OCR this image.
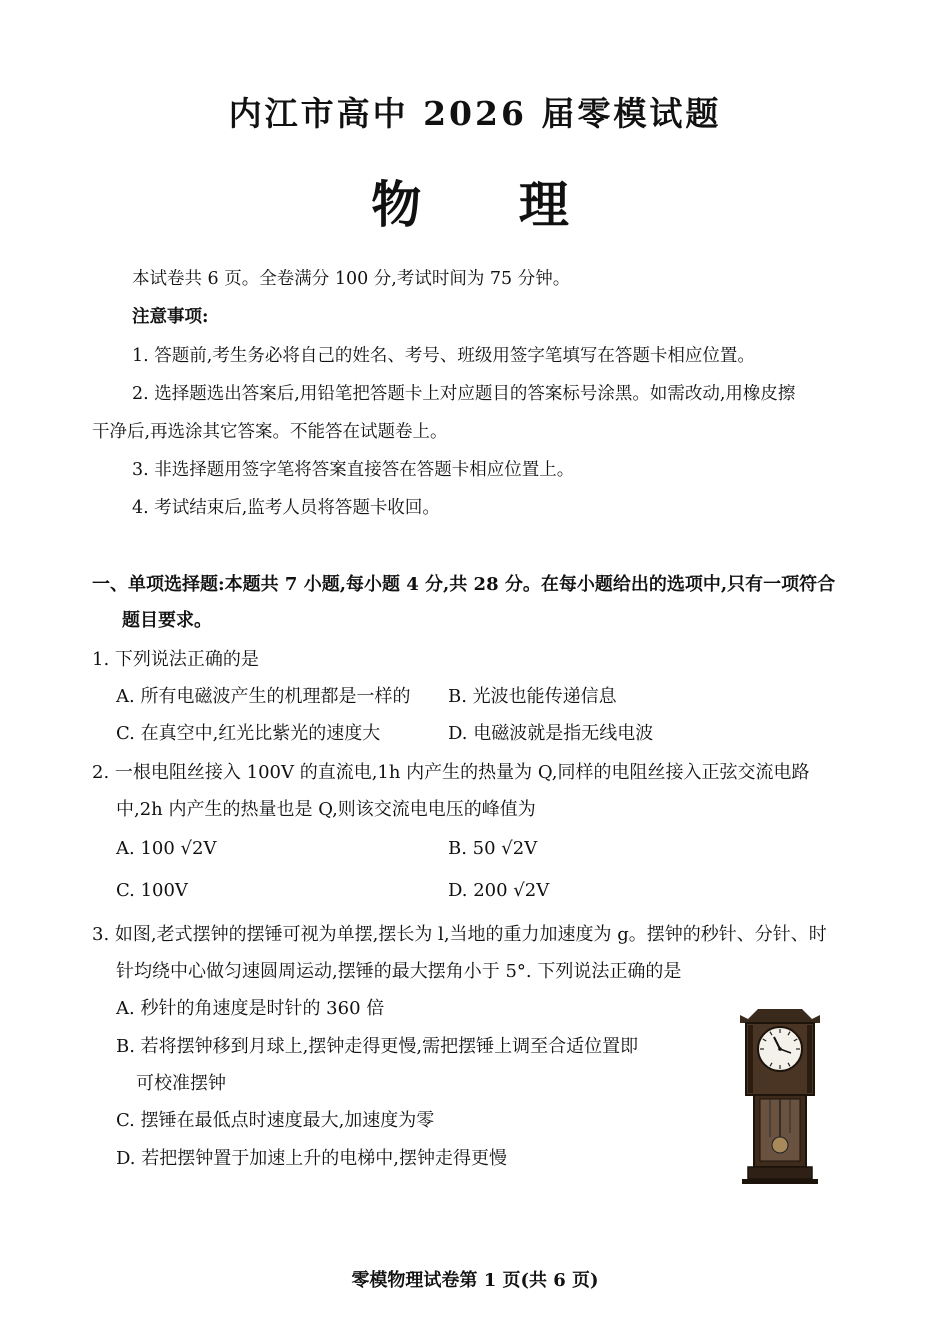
内江市高中 2026 届零模试题
物 理
本试卷共 6 页。全卷满分 100 分,考试时间为 75 分钟。
注意事项:
1. 答题前,考生务必将自己的姓名、考号、班级用签字笔填写在答题卡相应位置。
2. 选择题选出答案后,用铅笔把答题卡上对应题目的答案标号涂黑。如需改动,用橡皮擦
干净后,再选涂其它答案。不能答在试题卷上。
3. 非选择题用签字笔将答案直接答在答题卡相应位置上。
4. 考试结束后,监考人员将答题卡收回。
一、单项选择题:本题共 7 小题,每小题 4 分,共 28 分。在每小题给出的选项中,只有一项符合
题目要求。
1. 下列说法正确的是
A. 所有电磁波产生的机理都是一样的 B. 光波也能传递信息
C. 在真空中,红光比紫光的速度大	D. 电磁波就是指无线电波
2. 一根电阻丝接入 100V 的直流电,1h 内产生的热量为 Q,同样的电阻丝接入正弦交流电路
中,2h 内产生的热量也是 Q,则该交流电电压的峰值为
A. 100 √2V	B. 50 √2V
C. 100V	D. 200 √2V
3. 如图,老式摆钟的摆锤可视为单摆,摆长为 l,当地的重力加速度为 g。摆钟的秒针、分针、时
针均绕中心做匀速圆周运动,摆锤的最大摆角小于 5°. 下列说法正确的是
A. 秒针的角速度是时针的 360 倍
B. 若将摆钟移到月球上,摆钟走得更慢,需把摆锤上调至合适位置即
可校准摆钟
C. 摆锤在最低点时速度最大,加速度为零
D. 若把摆钟置于加速上升的电梯中,摆钟走得更慢
零模物理试卷第 1 页(共 6 页)
